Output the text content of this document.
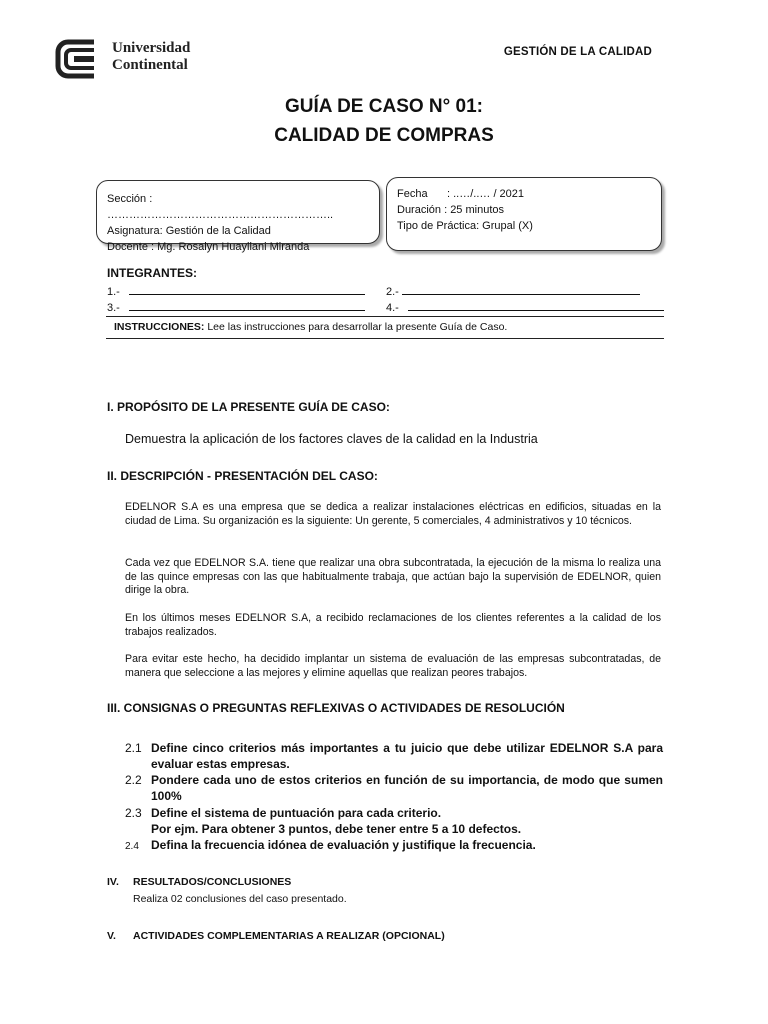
Universidad
Continental
GESTIÓN DE LA CALIDAD
GUÍA DE CASO N° 01:
CALIDAD DE COMPRAS
Sección : ……………………………………………………..
Asignatura: Gestión de la Calidad
Docente : Mg. Rosalyn Huayllani Miranda
Fecha : ..…/..… / 2021
Duración : 25 minutos
Tipo de Práctica: Grupal (X)
INTEGRANTES:
1.-	2.-
3.-	4.-
INSTRUCCIONES: Lee las instrucciones para desarrollar la presente Guía de Caso.
I. PROPÓSITO DE LA PRESENTE GUÍA DE CASO:
Demuestra la aplicación de los factores claves de la calidad en la Industria
II. DESCRIPCIÓN - PRESENTACIÓN DEL CASO:
EDELNOR S.A es una empresa que se dedica a realizar instalaciones eléctricas en edificios, situadas en la ciudad de Lima. Su organización es la siguiente: Un gerente, 5 comerciales, 4 administrativos y 10 técnicos.
Cada vez que EDELNOR S.A. tiene que realizar una obra subcontratada, la ejecución de la misma lo realiza una de las quince empresas con las que habitualmente trabaja, que actúan bajo la supervisión de EDELNOR, quien dirige la obra.
En los últimos meses EDELNOR S.A, a recibido reclamaciones de los clientes referentes a la calidad de los trabajos realizados.
Para evitar este hecho, ha decidido implantar un sistema de evaluación de las empresas subcontratadas, de manera que seleccione a las mejores y elimine aquellas que realizan peores trabajos.
III. CONSIGNAS O PREGUNTAS REFLEXIVAS O ACTIVIDADES DE RESOLUCIÓN
2.1 Define cinco criterios más importantes a tu juicio que debe utilizar EDELNOR S.A para evaluar estas empresas.
2.2 Pondere cada uno de estos criterios en función de su importancia, de modo que sumen 100%
2.3 Define el sistema de puntuación para cada criterio.
Por ejm. Para obtener 3 puntos, debe tener entre 5 a 10 defectos.
2.4 Defina la frecuencia idónea de evaluación y justifique la frecuencia.
IV. RESULTADOS/CONCLUSIONES
Realiza 02 conclusiones del caso presentado.
V. ACTIVIDADES COMPLEMENTARIAS A REALIZAR (OPCIONAL)
